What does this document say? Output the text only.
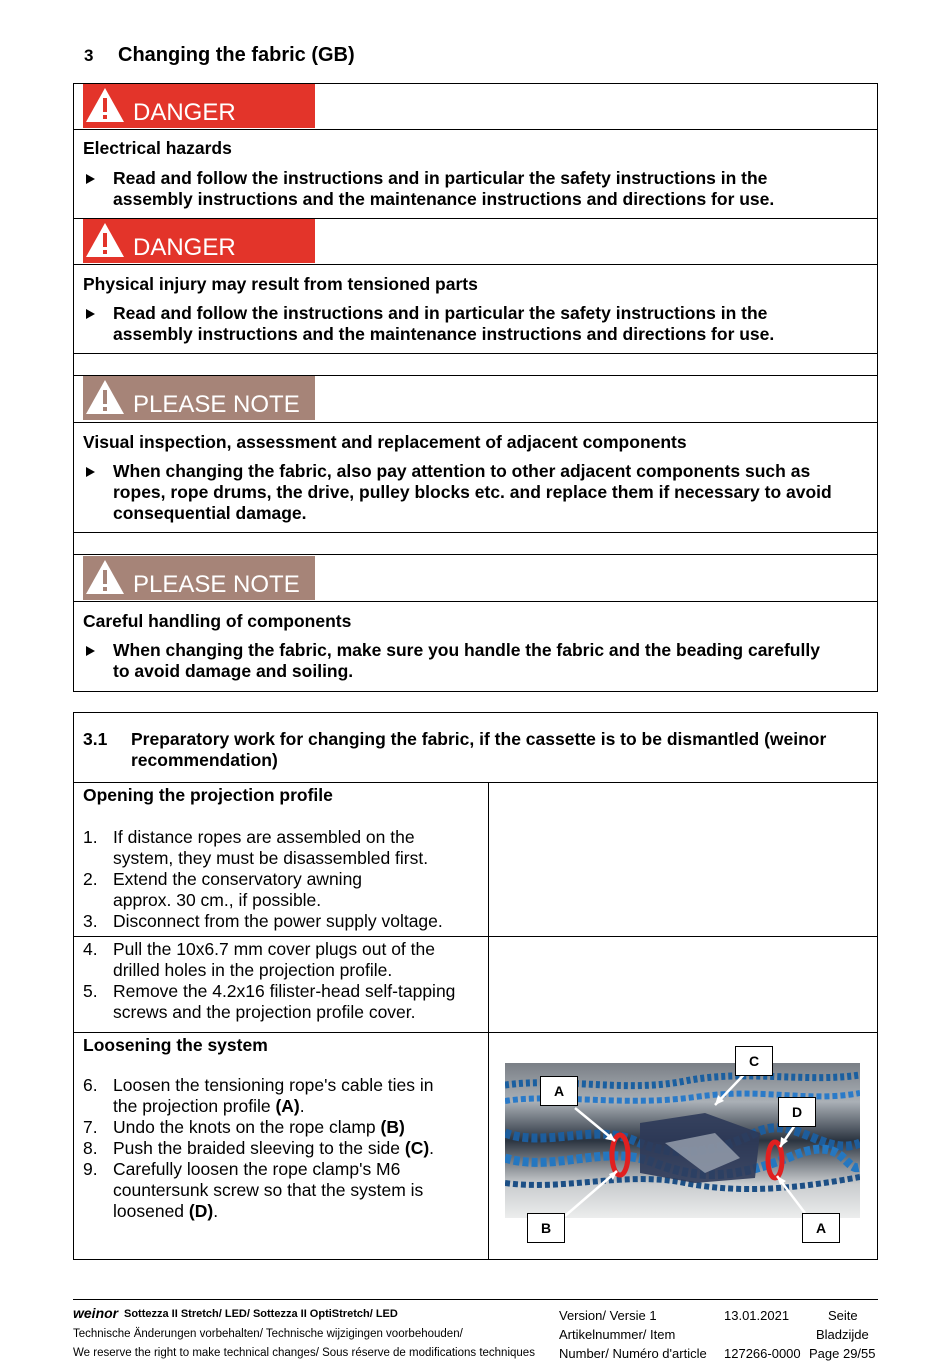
3 Changing the fabric (GB)
DANGER
Electrical hazards
Read and follow the instructions and in particular the safety instructions in the
assembly instructions and the maintenance instructions and directions for use.
DANGER
Physical injury may result from tensioned parts
Read and follow the instructions and in particular the safety instructions in the
assembly instructions and the maintenance instructions and directions for use.
PLEASE NOTE
Visual inspection, assessment and replacement of adjacent components
When changing the fabric, also pay attention to other adjacent components such as
ropes, rope drums, the drive, pulley blocks etc. and replace them if necessary to avoid
consequential damage.
PLEASE NOTE
Careful handling of components
When changing the fabric, make sure you handle the fabric and the beading carefully
to avoid damage and soiling.
3.1 Preparatory work for changing the fabric, if the cassette is to be dismantled (weinor
recommendation)
Opening the projection profile
1. If distance ropes are assembled on the
system, they must be disassembled first.
2. Extend the conservatory awning
approx. 30 cm., if possible.
3. Disconnect from the power supply voltage.
4. Pull the 10x6.7 mm cover plugs out of the
drilled holes in the projection profile.
5. Remove the 4.2x16 filister-head self-tapping
screws and the projection profile cover.
Loosening the system
6. Loosen the tensioning rope's cable ties in
the projection profile (A).
7. Undo the knots on the rope clamp (B)
8. Push the braided sleeving to the side (C).
9. Carefully loosen the rope clamp's M6
countersunk screw so that the system is
loosened (D).
C
A
D
B	A
weinor Sottezza II Stretch/ LED/ Sottezza II OptiStretch/ LED
Technische Änderungen vorbehalten/ Technische wijzigingen voorbehouden/
We reserve the right to make technical changes/ Sous réserve de modifications techniques
Version/ Versie 1	13.01.2021	Seite
Artikelnummer/ Item	Bladzijde
Number/ Numéro d'article 127266-0000 Page 29/55
